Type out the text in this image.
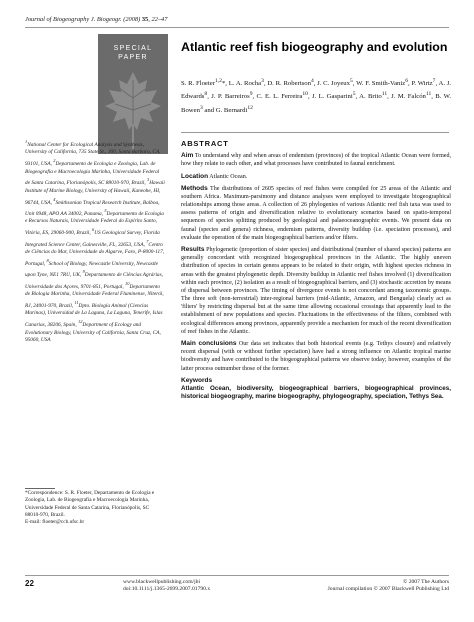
Journal of Biogeography J. Biogeogr. (2008) 35, 22–47
SPECIAL
PAPER
Atlantic reef fish biogeography and evolution
S. R. Floeter$^{1,2}$*, L. A. Rocha$^3$, D. R. Robertson$^4$, J. C. Joyeux$^5$, W. F. Smith-Vaniz$^6$, P. Wirtz$^7$, A. J. Edwards$^8$, J. P. Barreiros$^9$, C. E. L. Ferreira$^{10}$, J. L. Gasparini$^5$, A. Brito$^{11}$, J. M. Falcón$^{11}$, B. W. Bowen$^3$ and G. Bernardi$^{12}$
$^1$National Center for Ecological Analysis and Synthesis, University of California, 735 State St., 300, Santa Barbara, CA, 93101, USA, $^2$Departamento de Ecologia e Zoologia, Lab. de Biogeografia e Macroecologia Marinha, Universidade Federal de Santa Catarina, Florianópolis, SC 88010-970, Brazil, $^3$Hawaii Institute of Marine Biology, University of Hawaii, Kaneohe, HI, 96744, USA, $^4$Smithsonian Tropical Research Institute, Balboa, Unit 0948, APO AA 34002, Panama, $^5$Departamento de Ecologia e Recursos Naturais, Universidade Federal do Espírito Santo, Vitória, ES, 29060-900, Brazil, $^6$US Geological Survey, Florida Integrated Science Center, Gainesville, FL, 32653, USA, $^7$Centro de Ciências do Mar, Universidade do Algarve, Faro, P-8000-117, Portugal, $^8$School of Biology, Newcastle University, Newcastle upon Tyne, NE1 7RU, UK, $^9$Departamento de Ciências Agrárias, Universidade dos Açores, 9701-851, Portugal, $^{10}$Departamento de Biologia Marinha, Universidade Federal Fluminense, Niterói, RJ, 24001-970, Brazil, $^{11}$Dpto. Biología Animal (Ciencias Marinas), Universidad de La Laguna, La Laguna, Tenerife, Islas Canarias, 38206, Spain, $^{12}$Department of Ecology and Evolutionary Biology, University of California, Santa Cruz, CA, 95060, USA
ABSTRACT

Aim To understand why and when areas of endemism (provinces) of the tropical Atlantic Ocean were formed, how they relate to each other, and what processes have contributed to faunal enrichment.

Location Atlantic Ocean.

Methods The distributions of 2605 species of reef fishes were compiled for 25 areas of the Atlantic and southern Africa. Maximum-parsimony and distance analyses were employed to investigate biogeographical relationships among those areas. A collection of 26 phylogenies of various Atlantic reef fish taxa was used to assess patterns of origin and diversification relative to evolutionary scenarios based on spatio-temporal sequences of species splitting produced by geological and palaeoceanographic events. We present data on faunal (species and genera) richness, endemism patterns, diversity buildup (i.e. speciation processes), and evaluate the operation of the main biogeographical barriers and/or filters.

Results Phylogenetic (proportion of sister species) and distributional (number of shared species) patterns are generally concordant with recognized biogeographical provinces in the Atlantic. The highly uneven distribution of species in certain genera appears to be related to their origin, with highest species richness in areas with the greatest phylogenetic depth. Diversity buildup in Atlantic reef fishes involved (1) diversification within each province, (2) isolation as a result of biogeographical barriers, and (3) stochastic accretion by means of dispersal between provinces. The timing of divergence events is not concordant among taxonomic groups. The three soft (non-terrestrial) inter-regional barriers (mid-Atlantic, Amazon, and Benguela) clearly act as 'filters' by restricting dispersal but at the same time allowing occasional crossings that apparently lead to the establishment of new populations and species. Fluctuations in the effectiveness of the filters, combined with ecological differences among provinces, apparently provide a mechanism for much of the recent diversification of reef fishes in the Atlantic.

Main conclusions Our data set indicates that both historical events (e.g. Tethys closure) and relatively recent dispersal (with or without further speciation) have had a strong influence on Atlantic tropical marine biodiversity and have contributed to the biogeographical patterns we observe today; however, examples of the latter process outnumber those of the former.

Keywords
Atlantic Ocean, biodiversity, biogeographical barriers, biogeographical provinces, historical biogeography, marine biogeography, phylogeography, speciation, Tethys Sea.

*Correspondence: S. R. Floeter, Departamento de Ecologia e Zoologia, Lab. de Biogeografia e Macroecologia Marinha, Universidade Federal de Santa Catarina, Florianópolis, SC 88010-970, Brazil.
E-mail: floeter@ccb.ufsc.br
22	www.blackwellpublishing.com/jbi
doi:10.1111/j.1365-2699.2007.01790.x
© 2007 The Authors
Journal compilation © 2007 Blackwell Publishing Ltd
